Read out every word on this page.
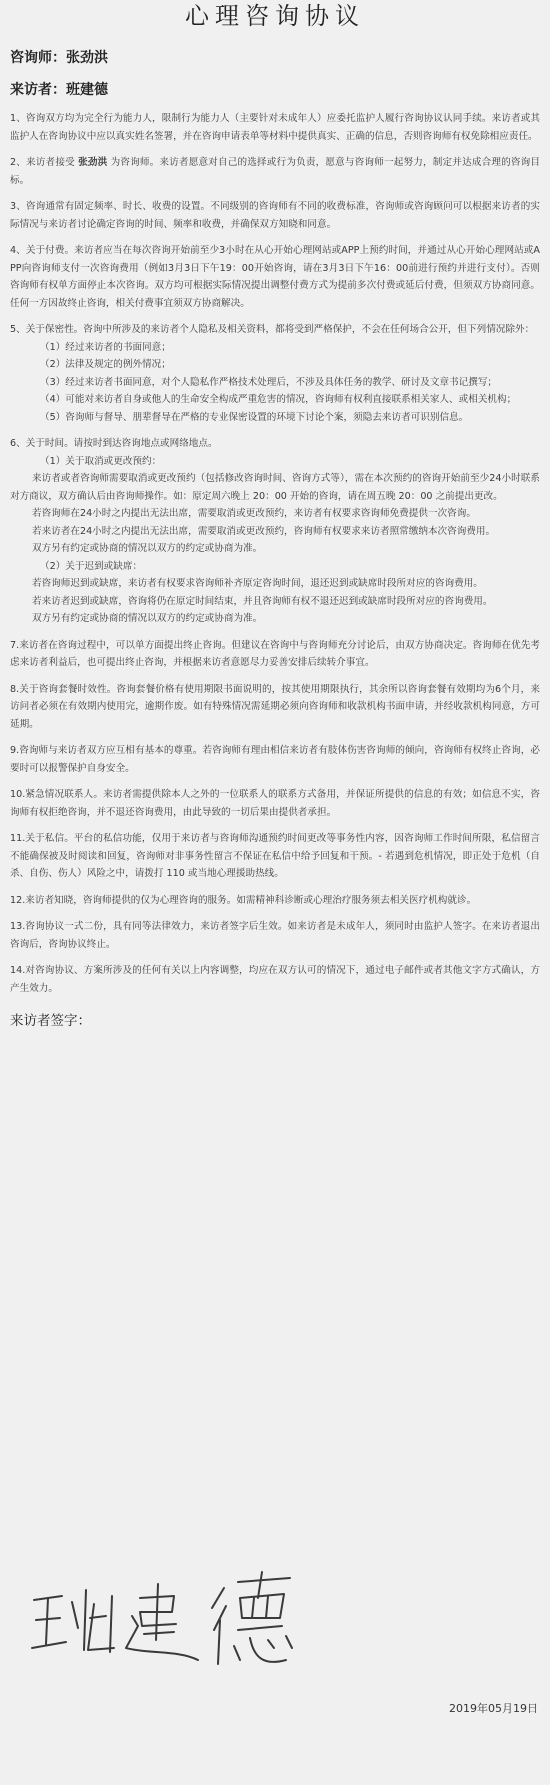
心理咨询协议

咨询师：张劲洪

来访者：班建德

1、咨询双方均为完全行为能力人，限制行为能力人（主要针对未成年人）应委托监护人履行咨询协议认同手续。来访者或其监护人在咨询协议中应以真实姓名签署，并在咨询申请表单等材料中提供真实、正确的信息，否则咨询师有权免除相应责任。

2、来访者接受 张劲洪 为咨询师。来访者愿意对自己的选择或行为负责，愿意与咨询师一起努力，制定并达成合理的咨询目标。

3、咨询通常有固定频率、时长、收费的设置。不同级别的咨询师有不同的收费标准，咨询师或咨询顾问可以根据来访者的实际情况与来访者讨论确定咨询的时间、频率和收费，并确保双方知晓和同意。

4、关于付费。来访者应当在每次咨询开始前至少3小时在从心开始心理网站或APP上预约时间，并通过从心开始心理网站或APP向咨询师支付一次咨询费用（例如3月3日下午19：00开始咨询，请在3月3日下午16：00前进行预约并进行支付）。否则咨询师有权单方面停止本次咨询。双方均可根据实际情况提出调整付费方式为提前多次付费或延后付费，但须双方协商同意。任何一方因故终止咨询，相关付费事宜须双方协商解决。

5、关于保密性。咨询中所涉及的来访者个人隐私及相关资料，都将受到严格保护，不会在任何场合公开，但下列情况除外：

（1）经过来访者的书面同意；

（2）法律及规定的例外情况；

（3）经过来访者书面同意，对个人隐私作严格技术处理后，不涉及具体任务的教学、研讨及文章书记撰写；

（4）可能对来访者自身或他人的生命安全构成严重危害的情况，咨询师有权利直接联系相关家人、或相关机构；

（5）咨询师与督导、朋辈督导在严格的专业保密设置的环境下讨论个案，须隐去来访者可识别信息。

6、关于时间。请按时到达咨询地点或网络地点。

（1）关于取消或更改预约：

来访者或者咨询师需要取消或更改预约（包括修改咨询时间、咨询方式等），需在本次预约的咨询开始前至少24小时联系对方商议，双方确认后由咨询师操作。如：原定周六晚上 20：00 开始的咨询，请在周五晚 20：00 之前提出更改。

若咨询师在24小时之内提出无法出席，需要取消或更改预约，来访者有权要求咨询师免费提供一次咨询。

若来访者在24小时之内提出无法出席，需要取消或更改预约，咨询师有权要求来访者照常缴纳本次咨询费用。

双方另有约定或协商的情况以双方的约定或协商为准。

（2）关于迟到或缺席：

若咨询师迟到或缺席，来访者有权要求咨询师补齐原定咨询时间，退还迟到或缺席时段所对应的咨询费用。

若来访者迟到或缺席，咨询将仍在原定时间结束，并且咨询师有权不退还迟到或缺席时段所对应的咨询费用。

双方另有约定或协商的情况以双方的约定或协商为准。

7.来访者在咨询过程中，可以单方面提出终止咨询。但建议在咨询中与咨询师充分讨论后，由双方协商决定。咨询师在优先考虑来访者利益后，也可提出终止咨询，并根据来访者意愿尽力妥善安排后续转介事宜。

8.关于咨询套餐时效性。咨询套餐价格有使用期限书面说明的，按其使用期限执行，其余所以咨询套餐有效期均为6个月，来访问者必须在有效期内使用完，逾期作废。如有特殊情况需延期必须向咨询师和收款机构书面申请，并经收款机构同意，方可延期。

9.咨询师与来访者双方应互相有基本的尊重。若咨询师有理由相信来访者有肢体伤害咨询师的倾向，咨询师有权终止咨询，必要时可以报警保护自身安全。

10.紧急情况联系人。来访者需提供除本人之外的一位联系人的联系方式备用，并保证所提供的信息的有效；如信息不实，咨询师有权拒绝咨询，并不退还咨询费用，由此导致的一切后果由提供者承担。

11.关于私信。平台的私信功能，仅用于来访者与咨询师沟通预约时间更改等事务性内容，因咨询师工作时间所限，私信留言不能确保被及时阅读和回复，咨询师对非事务性留言不保证在私信中给予回复和干预。- 若遇到危机情况，即正处于危机（自杀、自伤、伤人）风险之中，请拨打 110 或当地心理援助热线。

12.来访者知晓，咨询师提供的仅为心理咨询的服务。如需精神科诊断或心理治疗服务须去相关医疗机构就诊。

13.咨询协议一式二份，具有同等法律效力，来访者签字后生效。如来访者是未成年人，须同时由监护人签字。在来访者退出咨询后，咨询协议终止。

14.对咨询协议、方案所涉及的任何有关以上内容调整，均应在双方认可的情况下，通过电子邮件或者其他文字方式确认，方产生效力。

来访者签字：

2019年05月19日
